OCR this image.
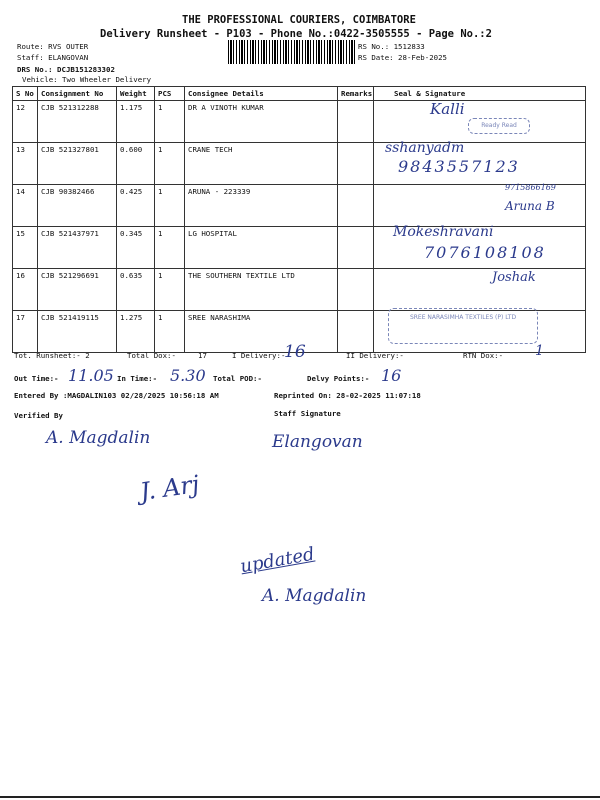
THE PROFESSIONAL COURIERS, COIMBATORE
Delivery Runsheet - P103 - Phone No.:0422-3505555 - Page No.:2
Route: RVS OUTER
Staff: ELANGOVAN
DRS No.: DCJB151283302
Vehicle: Two Wheeler Delivery
RS No.: 1512833
RS Date: 28-Feb-2025
S No	Consignment No	Weight	PCS	Consignee Details	Remarks	Seal & Signature
12	CJB 521312288	1.175	1	DR A VINOTH KUMAR		
13	CJB 521327801	0.600	1	CRANE TECH		
14	CJB 90382466	0.425	1	ARUNA - 223339		
15	CJB 521437971	0.345	1	LG HOSPITAL		
16	CJB 521296691	0.635	1	THE SOUTHERN TEXTILE LTD		
17	CJB 521419115	1.275	1	SREE NARASHIMA		
Ready Read
Kalli
sshanyadm
9843557123
9715866169
Aruna B
Mokeshravani
7076108108
Joshak
SREE NARASIMHA TEXTILES (P) LTD
Tot. Runsheet:- 2	Total Dox:-	17	I Delivery:-
16	II Delivery:-	RTN Dox:- 1
Out Time:- 11.05 In Time:- 5.30 Total POD:-	Delvy Points:- 16
Entered By :MAGDALIN103 02/28/2025 10:56:18 AM	Reprinted On: 28-02-2025 11:07:18
Verified By	Staff Signature
A. Magdalin	Elangovan
J. Arj
updated
A. Magdalin
